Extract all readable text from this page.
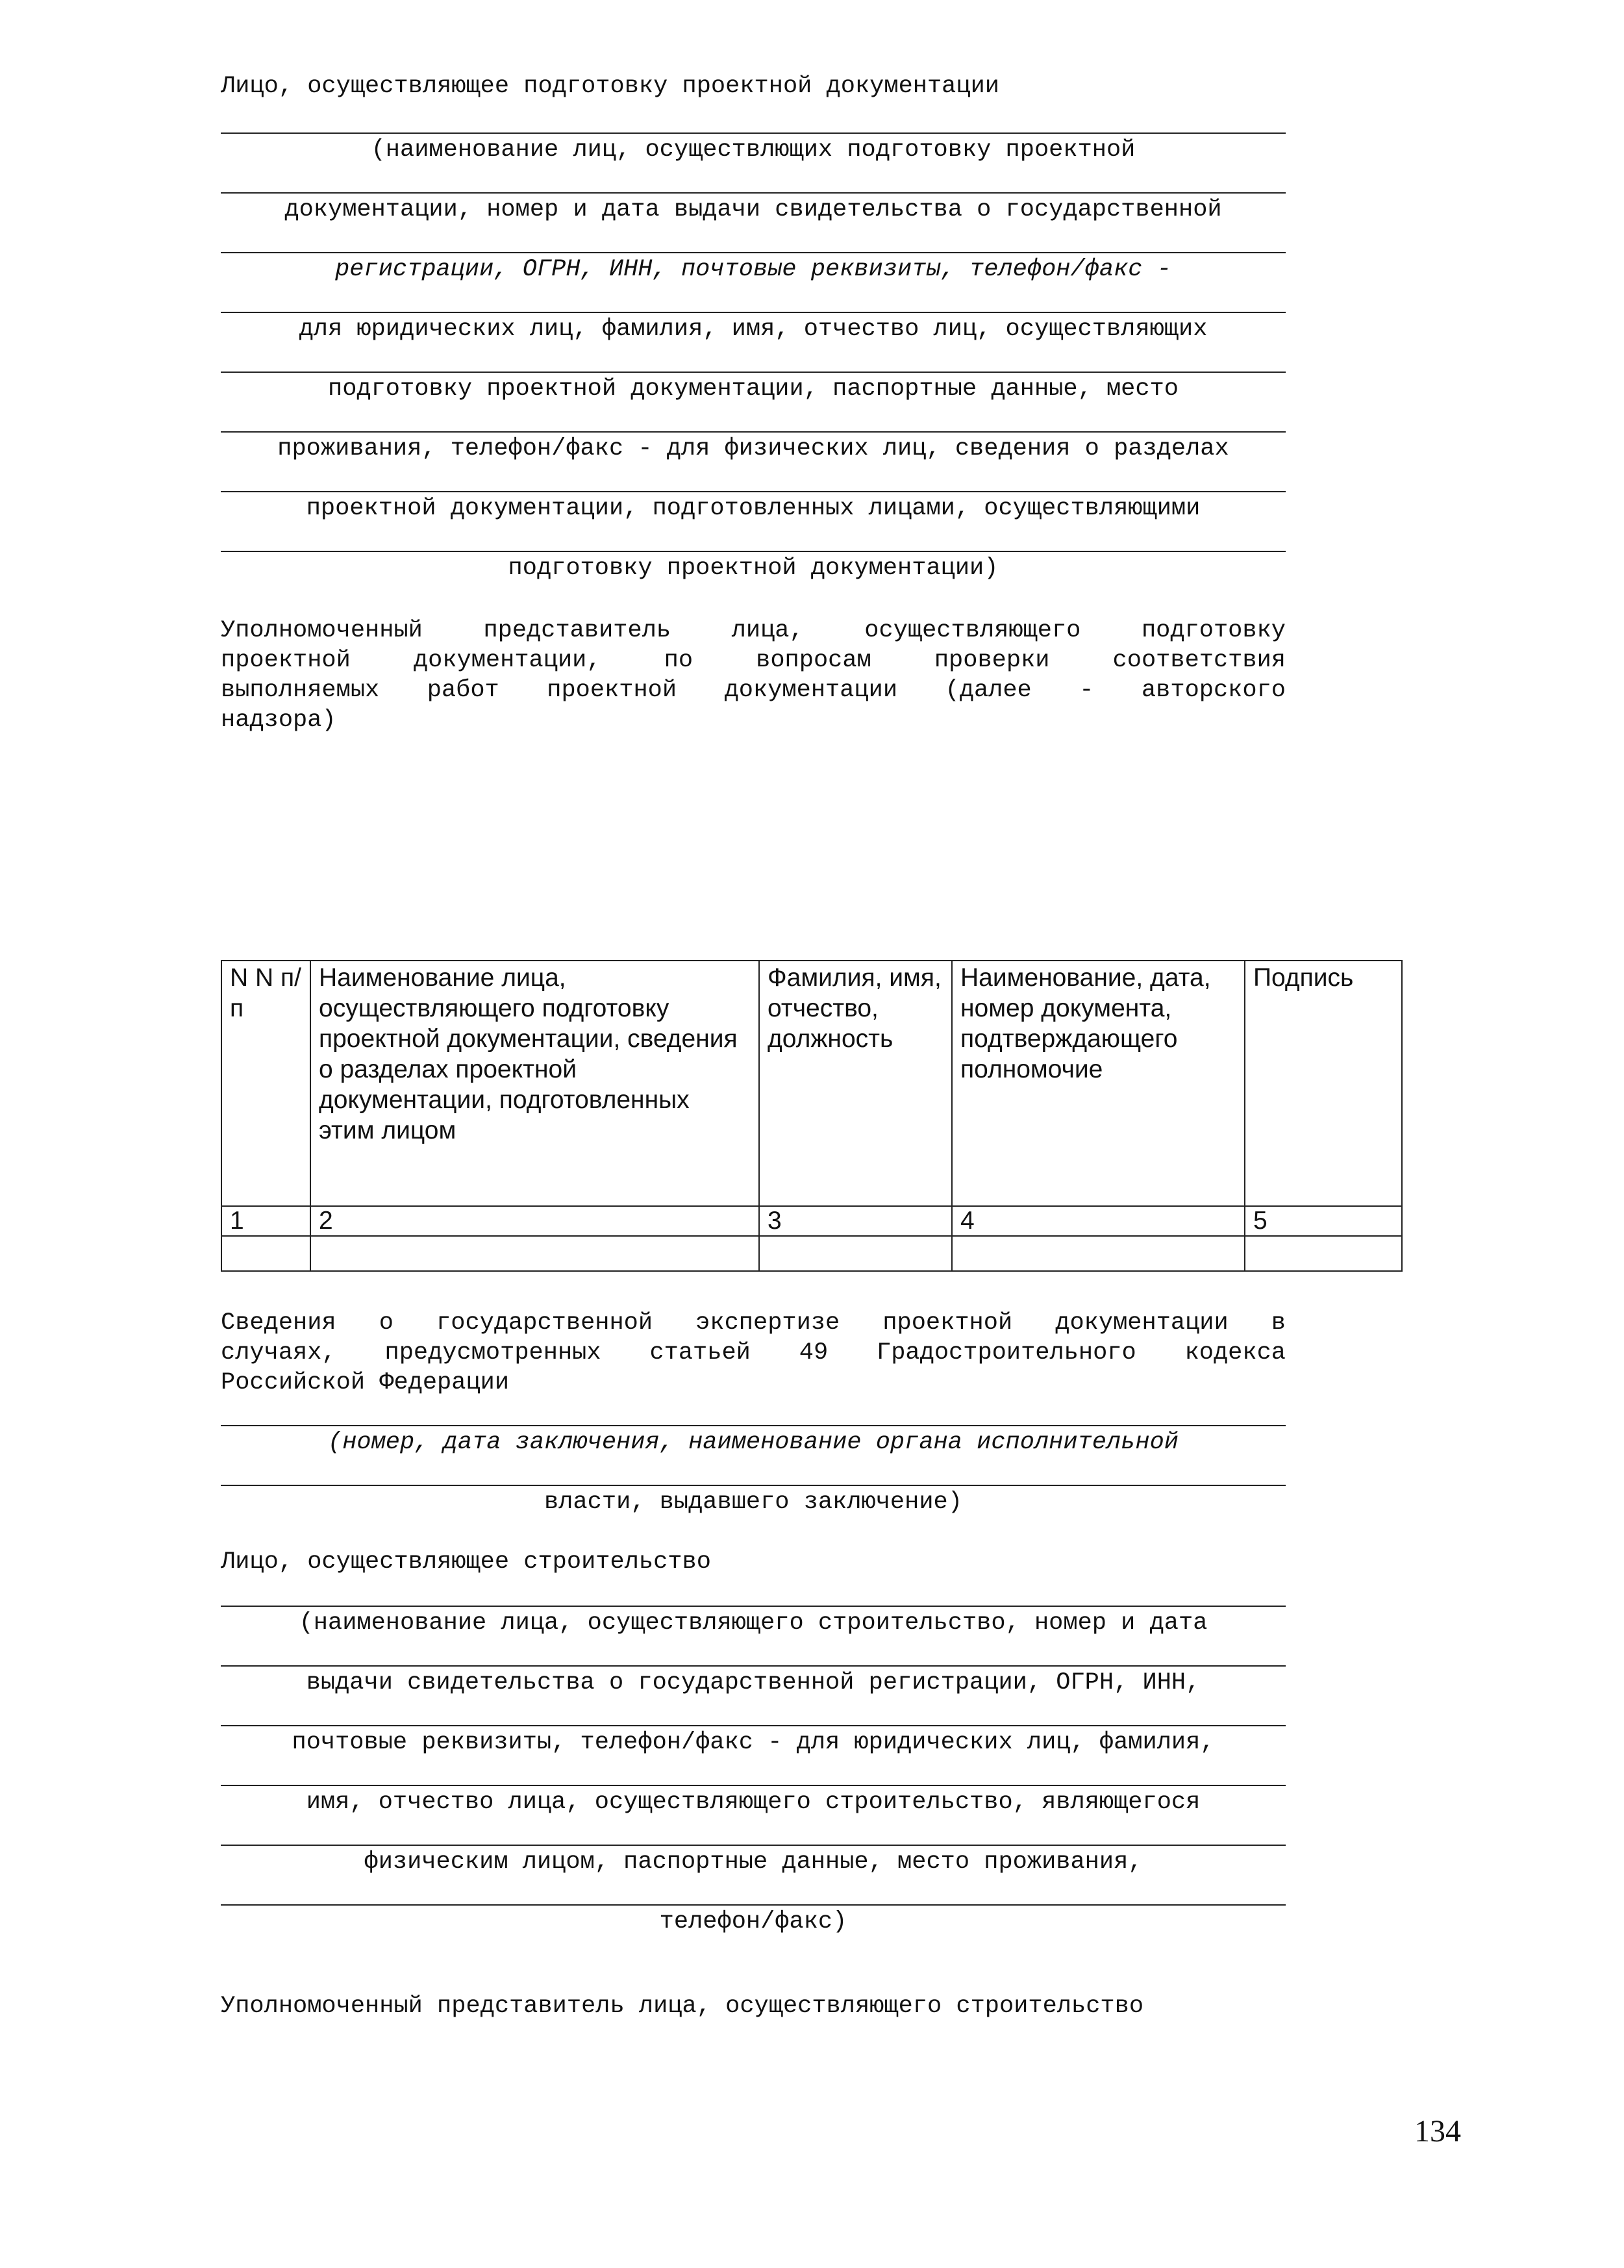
Лицо, осуществляющее подготовку проектной документации
(наименование лиц, осуществлющих подготовку проектной
документации, номер и дата выдачи свидетельства о государственной
регистрации, ОГРН, ИНН, почтовые реквизиты, телефон/факс -
для юридических лиц, фамилия, имя, отчество лиц, осуществляющих
подготовку проектной документации, паспортные данные, место
проживания, телефон/факс - для физических лиц, сведения о разделах
проектной документации, подготовленных лицами, осуществляющими
подготовку проектной документации)
Уполномоченный представитель лица, осуществляющего подготовку
проектной документации, по вопросам проверки соответствия
выполняемых работ проектной документации (далее - авторского
надзора)
N N п/п	Наименование лица, осуществляющего подготовку проектной документации, сведения о разделах проектной документации, подготовленных этим лицом	Фамилия, имя, отчество, должность	Наименование, дата, номер документа, подтверждающего полномочие	Подпись
1	2	3	4	5

Сведения о государственной экспертизе проектной документации в
случаях, предусмотренных статьей 49 Градостроительного кодекса
Российской Федерации
(номер, дата заключения, наименование органа исполнительной
власти, выдавшего заключение)
Лицо, осуществляющее строительство
(наименование лица, осуществляющего строительство, номер и дата
выдачи свидетельства о государственной регистрации, ОГРН, ИНН,
почтовые реквизиты, телефон/факс - для юридических лиц, фамилия,
имя, отчество лица, осуществляющего строительство, являющегося
физическим лицом, паспортные данные, место проживания,
телефон/факс)
Уполномоченный представитель лица, осуществляющего строительство
134
